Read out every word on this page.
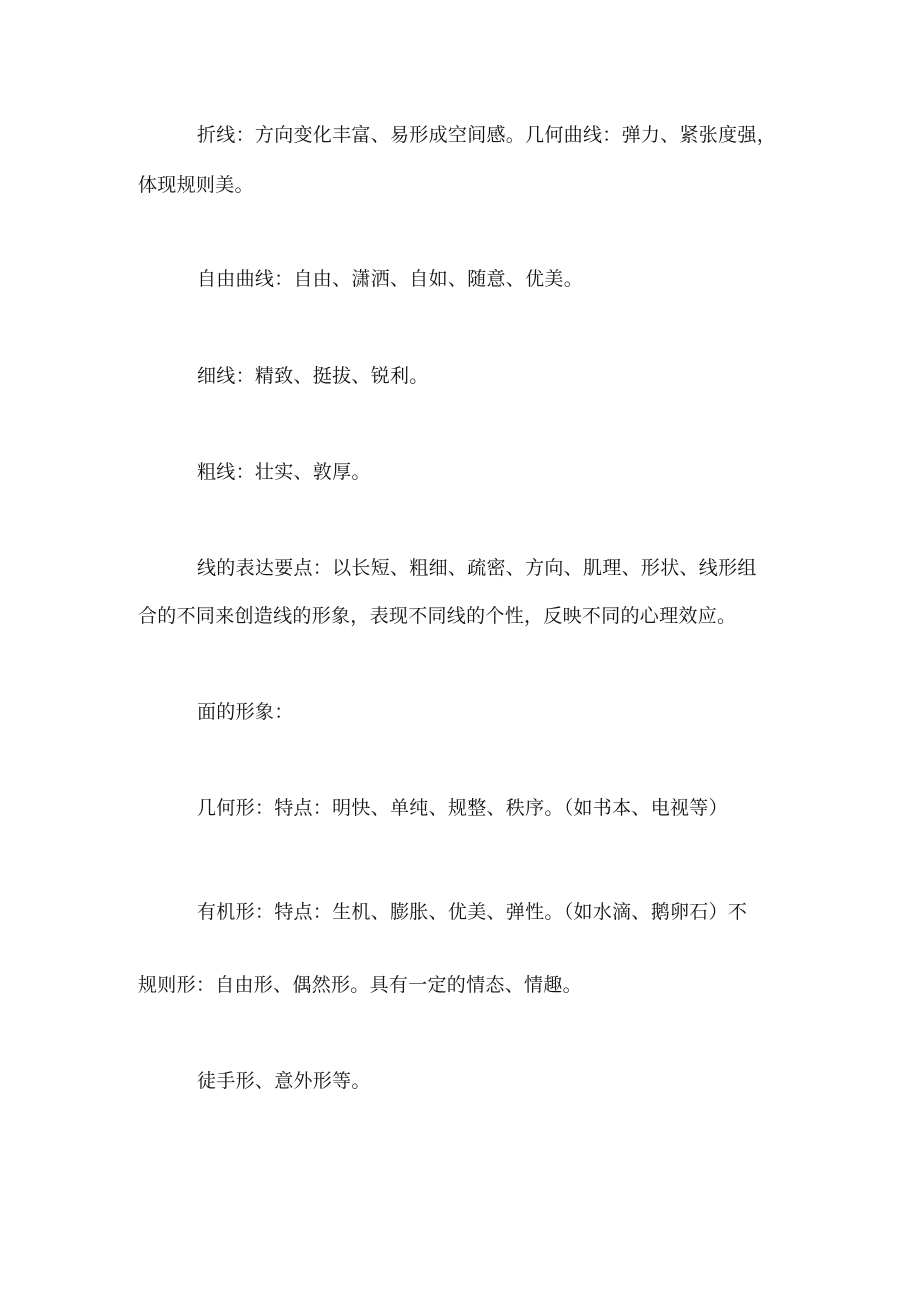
折线：方向变化丰富、易形成空间感。几何曲线：弹力、紧张度强，
体现规则美。
自由曲线：自由、潇洒、自如、随意、优美。
细线：精致、挺拔、锐利。
粗线：壮实、敦厚。
线的表达要点：以长短、粗细、疏密、方向、肌理、形状、线形组
合的不同来创造线的形象，表现不同线的个性，反映不同的心理效应。
面的形象：
几何形：特点：明快、单纯、规整、秩序。（如书本、电视等）
有机形：特点：生机、膨胀、优美、弹性。（如水滴、鹅卵石）不
规则形：自由形、偶然形。具有一定的情态、情趣。
徒手形、意外形等。
